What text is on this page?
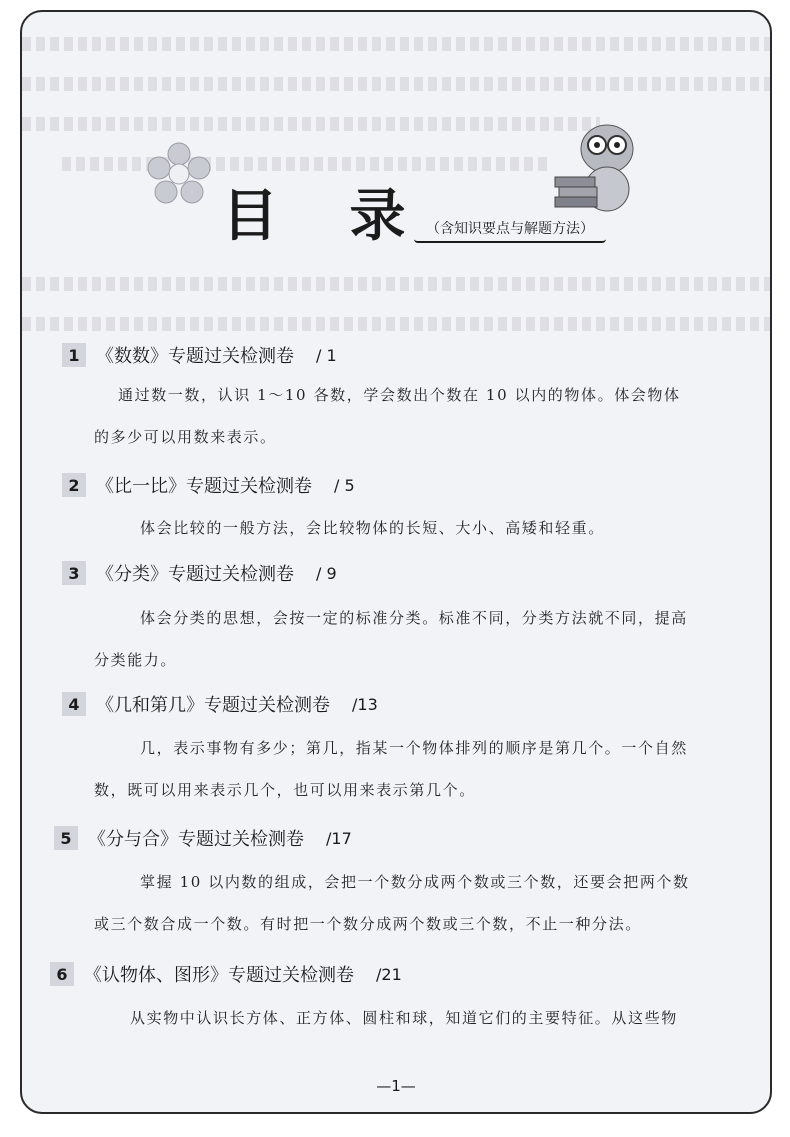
目 录
（含知识要点与解题方法）
1 《数数》专题过关检测卷 / 1

通过数一数，认识 1～10 各数，学会数出个数在 10 以内的物体。体会物体

的多少可以用数来表示。

2 《比一比》专题过关检测卷 / 5

体会比较的一般方法，会比较物体的长短、大小、高矮和轻重。

3 《分类》专题过关检测卷 / 9

体会分类的思想，会按一定的标准分类。标准不同，分类方法就不同，提高

分类能力。

4 《几和第几》专题过关检测卷 /13

几，表示事物有多少；第几，指某一个物体排列的顺序是第几个。一个自然

数，既可以用来表示几个，也可以用来表示第几个。

5 《分与合》专题过关检测卷 /17

掌握 10 以内数的组成，会把一个数分成两个数或三个数，还要会把两个数

或三个数合成一个数。有时把一个数分成两个数或三个数，不止一种分法。

6 《认物体、图形》专题过关检测卷 /21

从实物中认识长方体、正方体、圆柱和球，知道它们的主要特征。从这些物

—1—
